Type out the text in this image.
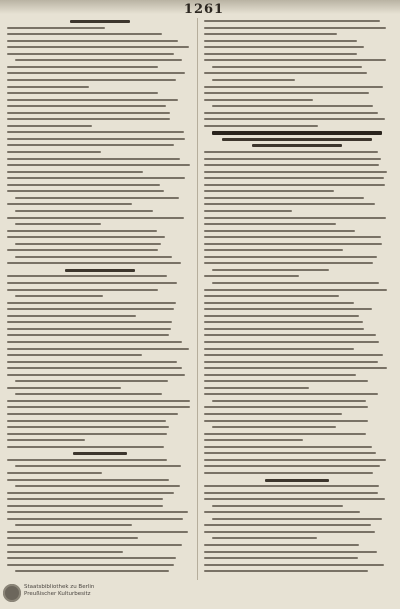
1261
Staatsbibliothek zu Berlin
Preußischer Kulturbesitz
